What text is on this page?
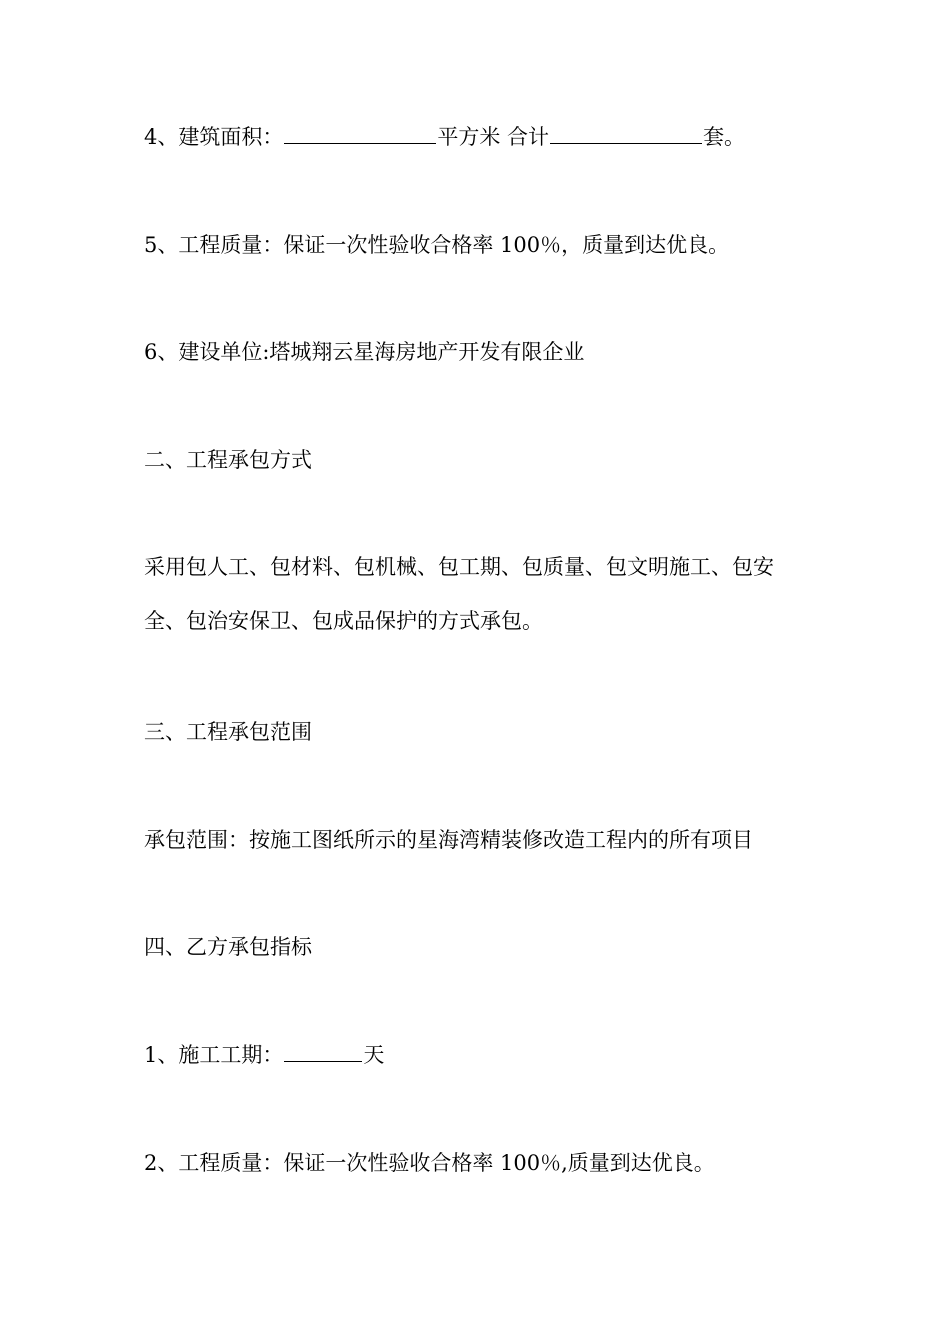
4、建筑面积：	平方米 合计	套。
5、工程质量：保证一次性验收合格率 100％，质量到达优良。
6、建设单位:塔城翔云星海房地产开发有限企业
二、工程承包方式
采用包人工、包材料、包机械、包工期、包质量、包文明施工、包安全、包治安保卫、包成品保护的方式承包。
三、工程承包范围
承包范围：按施工图纸所示的星海湾精装修改造工程内的所有项目
四、乙方承包指标
1、施工工期：	天
2、工程质量：保证一次性验收合格率 100％,质量到达优良。
